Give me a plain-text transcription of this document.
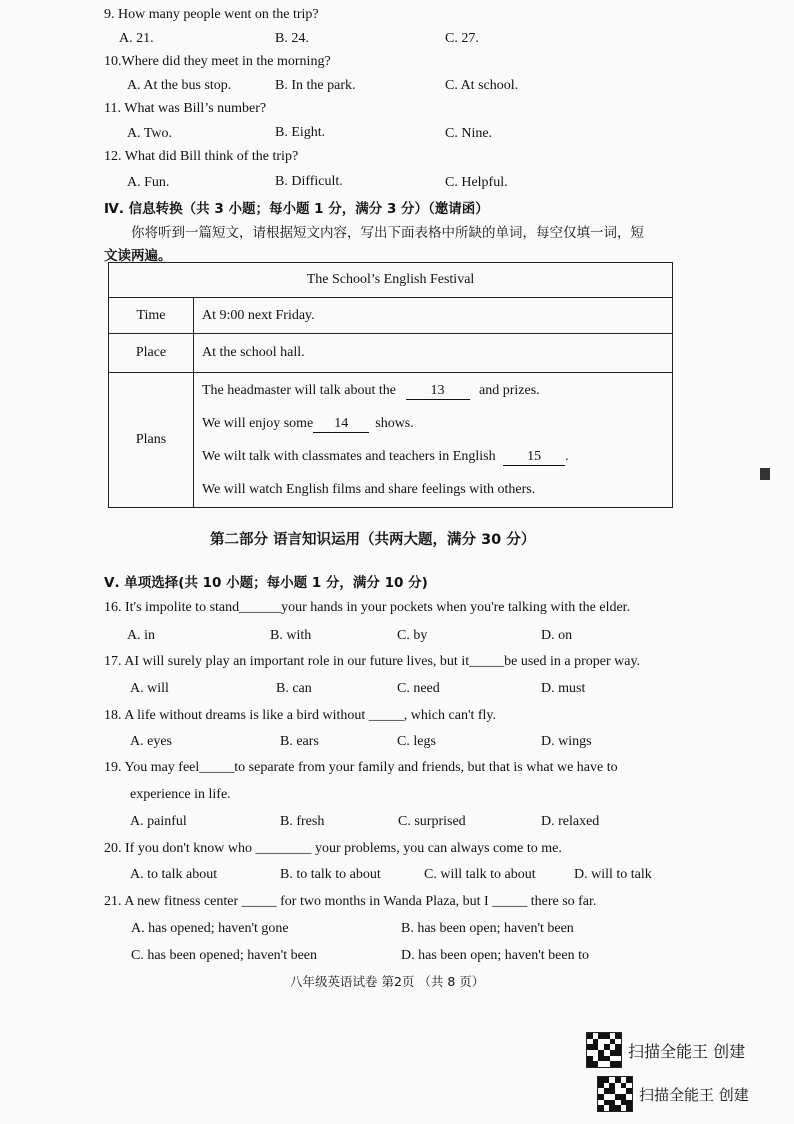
9. How many people went on the trip?
A. 21.	B. 24.	C. 27.
10.Where did they meet in the morning?
A. At the bus stop.	B. In the park.	C. At school.
11. What was Bill’s number?
A. Two.	B. Eight.	C. Nine.
12. What did Bill think of the trip?
A. Fun.	B. Difficult.	C. Helpful.
Ⅳ. 信息转换（共 3 小题；每小题 1 分，满分 3 分）（邀请函）
你将听到一篇短文，请根据短文内容，写出下面表格中所缺的单词，每空仅填一词，短
文读两遍。
The School’s English Festival	
Time	At 9:00 next Friday.
Place	At the school hall.
Plans	The headmaster will talk about the 13 and prizes.
We will enjoy some 14 shows.
We wilt talk with classmates and teachers in English 15 .
We will watch English films and share feelings with others.
第二部分 语言知识运用（共两大题，满分 30 分）
Ⅴ. 单项选择(共 10 小题；每小题 1 分，满分 10 分)
16. It's impolite to stand______your hands in your pockets when you're talking with the elder.
A. in	B. with	C. by	D. on
17. AI will surely play an important role in our future lives, but it_____be used in a proper way.
A. will	B. can	C. need	D. must
18. A life without dreams is like a bird without _____, which can't fly.
A. eyes	B. ears	C. legs	D. wings
19. You may feel_____to separate from your family and friends, but that is what we have to
experience in life.
A. painful	B. fresh	C. surprised	D. relaxed
20. If you don't know who ________ your problems, you can always come to me.
A. to talk about	B. to talk to about	C. will talk to about	D. will to talk
21. A new fitness center _____ for two months in Wanda Plaza, but I _____ there so far.
A. has opened; haven't gone	B. has been open; haven't been
C. has been opened; haven't been	D. has been open; haven't been to
八年级英语试卷 第2页 （共 8 页）
扫描全能王 创建
扫描全能王 创建
